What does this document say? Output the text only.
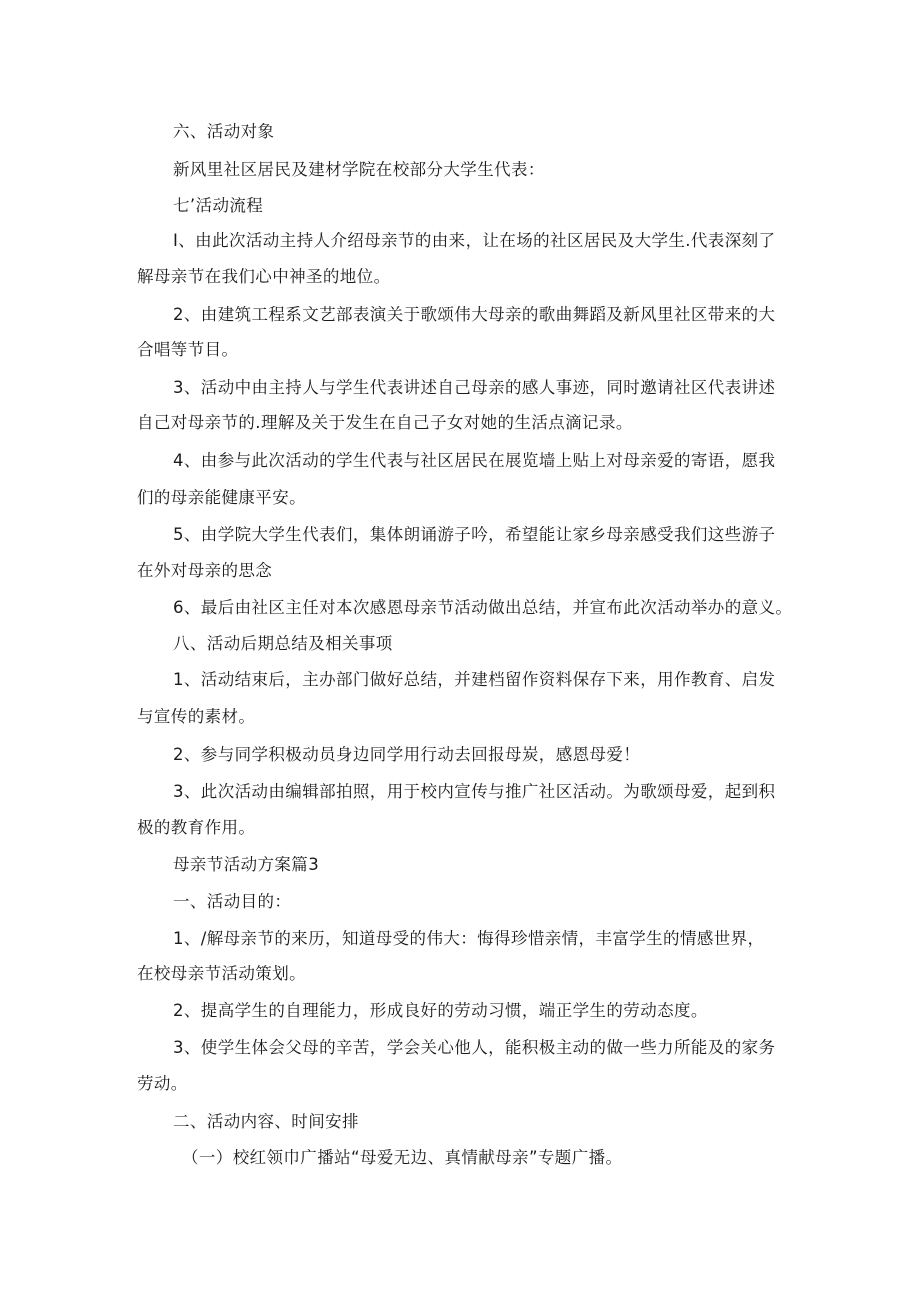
六、活动对象
新风里社区居民及建材学院在校部分大学生代表：
七’活动流程
I、由此次活动主持人介绍母亲节的由来，让在场的社区居民及大学生.代表深刻了
解母亲节在我们心中神圣的地位。
2、由建筑工程系文艺部表演关于歌颂伟大母亲的歌曲舞蹈及新风里社区带来的大
合唱等节目。
3、活动中由主持人与学生代表讲述自己母亲的感人事迹，同时邀请社区代表讲述
自己对母亲节的.理解及关于发生在自己子女对她的生活点滴记录。
4、由参与此次活动的学生代表与社区居民在展览墙上贴上对母亲爱的寄语，愿我
们的母亲能健康平安。
5、由学院大学生代表们，集体朗诵游子吟，希望能让家乡母亲感受我们这些游子
在外对母亲的思念
6、最后由社区主任对本次感恩母亲节活动做出总结，并宣布此次活动举办的意义。
八、活动后期总结及相关事项
1、活动结束后，主办部门做好总结，并建档留作资料保存下来，用作教育、启发
与宣传的素材。
2、参与同学积极动员身边同学用行动去回报母炭，感恩母爱！
3、此次活动由编辑部拍照，用于校内宣传与推广社区活动。为歌颂母爱，起到积
极的教育作用。
母亲节活动方案篇3
一、活动目的：
1、/解母亲节的来历，知道母受的伟大：悔得珍惜亲情，丰富学生的情感世界，
在校母亲节活动策划。
2、提高学生的自理能力，形成良好的劳动习惯，端正学生的劳动态度。
3、使学生体会父母的辛苦，学会关心他人，能积极主动的做一些力所能及的家务
劳动。
二、活动内容、时间安排
（一）校红领巾广播站“母爱无边、真情献母亲”专题广播。
